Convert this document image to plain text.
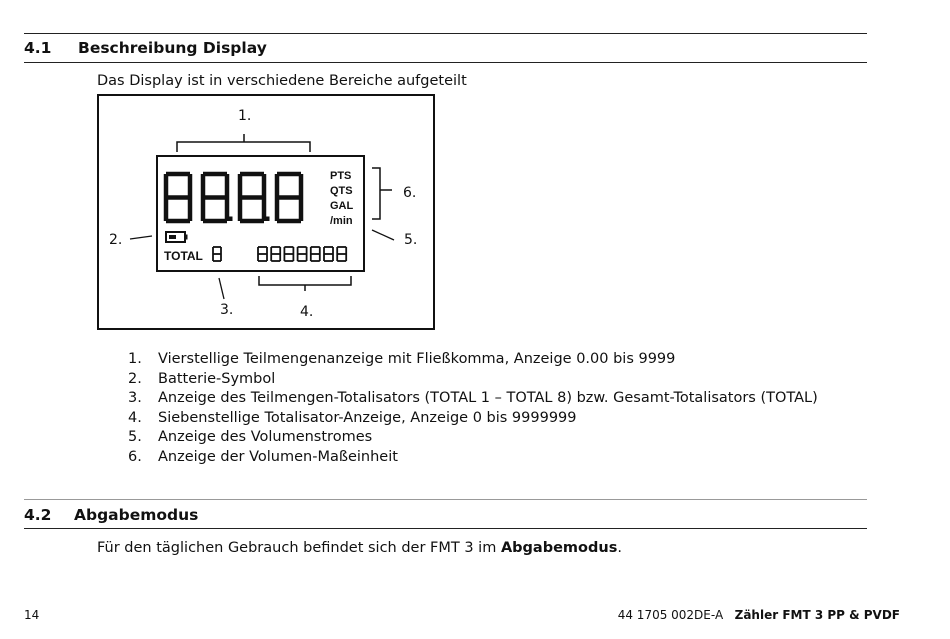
4.1 Beschreibung Display
Das Display ist in verschiedene Bereiche aufgeteilt
PTS
QTS
GAL
/min
TOTAL
1.
2.
3.	4.
5.
6.
1.	Vierstellige Teilmengenanzeige mit Fließkomma, Anzeige 0.00 bis 9999
2.	Batterie-Symbol
3.	Anzeige des Teilmengen-Totalisators (TOTAL 1 – TOTAL 8) bzw. Gesamt-Totalisators (TOTAL)
4.	Siebenstellige Totalisator-Anzeige, Anzeige 0 bis 9999999
5.	Anzeige des Volumenstromes
6.	Anzeige der Volumen-Maßeinheit
4.2 Abgabemodus
Für den täglichen Gebrauch befindet sich der FMT 3 im Abgabemodus.
14	44 1705 002DE-A Zähler FMT 3 PP & PVDF
